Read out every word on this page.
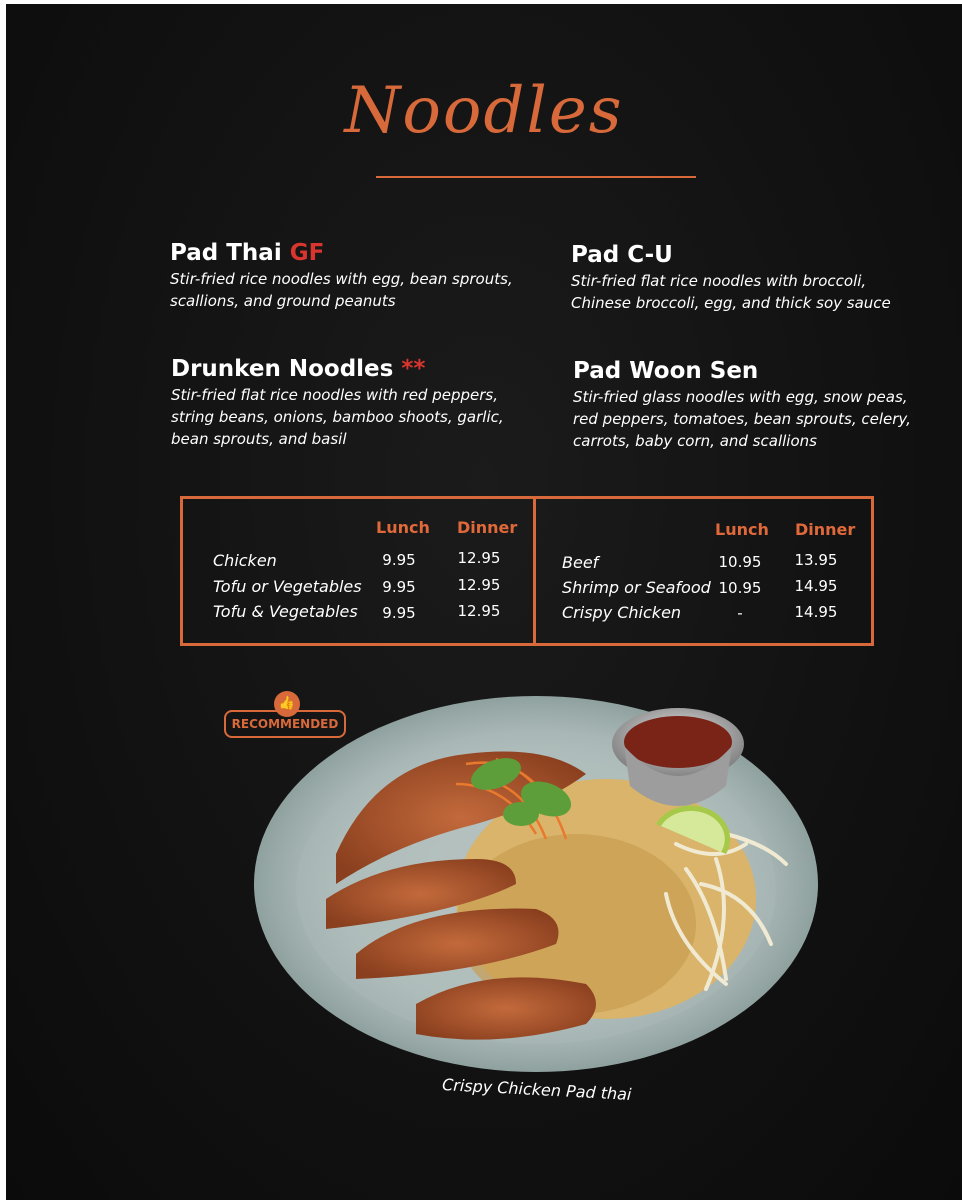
Noodles
Pad Thai GF
Stir-fried rice noodles with egg, bean sprouts,
scallions, and ground peanuts
Pad C-U
Stir-fried flat rice noodles with broccoli,
Chinese broccoli, egg, and thick soy sauce
Drunken Noodles **
Stir-fried flat rice noodles with red peppers,
string beans, onions, bamboo shoots, garlic,
bean sprouts, and basil
Pad Woon Sen
Stir-fried glass noodles with egg, snow peas,
red peppers, tomatoes, bean sprouts, celery,
carrots, baby corn, and scallions
Lunch Dinner
Chicken	9.95	12.95
Tofu or Vegetables	9.95	12.95
Tofu & Vegetables	9.95	12.95
Lunch Dinner
Beef	10.95	13.95
Shrimp or Seafood 10.95	14.95
Crispy Chicken	-	14.95
👍
RECOMMENDED
Crispy Chicken Pad thai
